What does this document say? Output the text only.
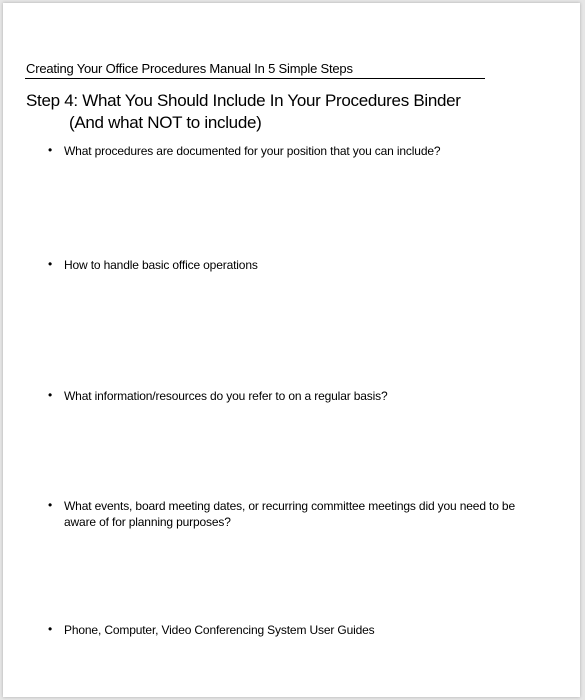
Creating Your Office Procedures Manual In 5 Simple Steps
Step 4: What You Should Include In Your Procedures Binder
(And what NOT to include)
• What procedures are documented for your position that you can include?
• How to handle basic office operations
• What information/resources do you refer to on a regular basis?
• What events, board meeting dates, or recurring committee meetings did you need to be aware of for planning purposes?
• Phone, Computer, Video Conferencing System User Guides
